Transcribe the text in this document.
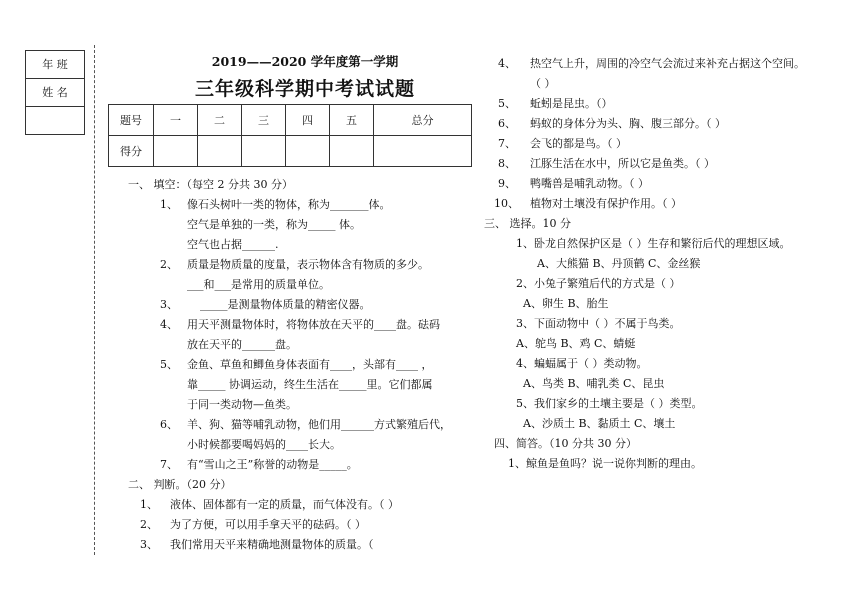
年 班
姓 名
2019——2020 学年度第一学期
三年级科学期中考试试题
题号	一	二	三	四	五	总分
得分						
一、 填空：（每空 2 分共 30 分）
1、 像石头树叶一类的物体，称为_______体。
空气是单独的一类，称为_____ 体。
空气也占据______.
2、 质量是物质量的度量，表示物体含有物质的多少。
___和___是常用的质量单位。
3、 _____是测量物体质量的精密仪器。
4、 用天平测量物体时，将物体放在天平的____盘。砝码
放在天平的______盘。
5、 金鱼、草鱼和鲫鱼身体表面有____，头部有____ ，
靠_____ 协调运动，终生生活在_____里。它们都属
于同一类动物—鱼类。
6、 羊、狗、猫等哺乳动物，他们用______方式繁殖后代，
小时候都要喝妈妈的____长大。
7、 有“雪山之王”称誉的动物是_____。
二、 判断。（20 分）
1、 液体、固体都有一定的质量，而气体没有。（ ）
2、 为了方便，可以用手拿天平的砝码。（ ）
3、 我们常用天平来精确地测量物体的质量。（
4、 热空气上升，周围的冷空气会流过来补充占据这个空间。
（ ）
5、 蚯蚓是昆虫。（）
6、 蚂蚁的身体分为头、胸、腹三部分。（ ）
7、 会飞的都是鸟。（ ）
8、 江豚生活在水中，所以它是鱼类。（ ）
9、 鸭嘴兽是哺乳动物。（ ）
10、 植物对土壤没有保护作用。（ ）
三、 选择。10 分
1、卧龙自然保护区是（ ）生存和繁衍后代的理想区域。
A、大熊猫 B、丹顶鹤 C、金丝猴
2、小兔子繁殖后代的方式是（ ）
A、卵生 B、胎生
3、下面动物中（ ）不属于鸟类。
A、鸵鸟 B、鸡 C、蜻蜓
4、蝙蝠属于（ ）类动物。
A、鸟类 B、哺乳类 C、昆虫
5、我们家乡的土壤主要是（ ）类型。
A、沙质土 B、黏质土 C、壤土
四、简答。（10 分共 30 分）
1、鲸鱼是鱼吗？说一说你判断的理由。
